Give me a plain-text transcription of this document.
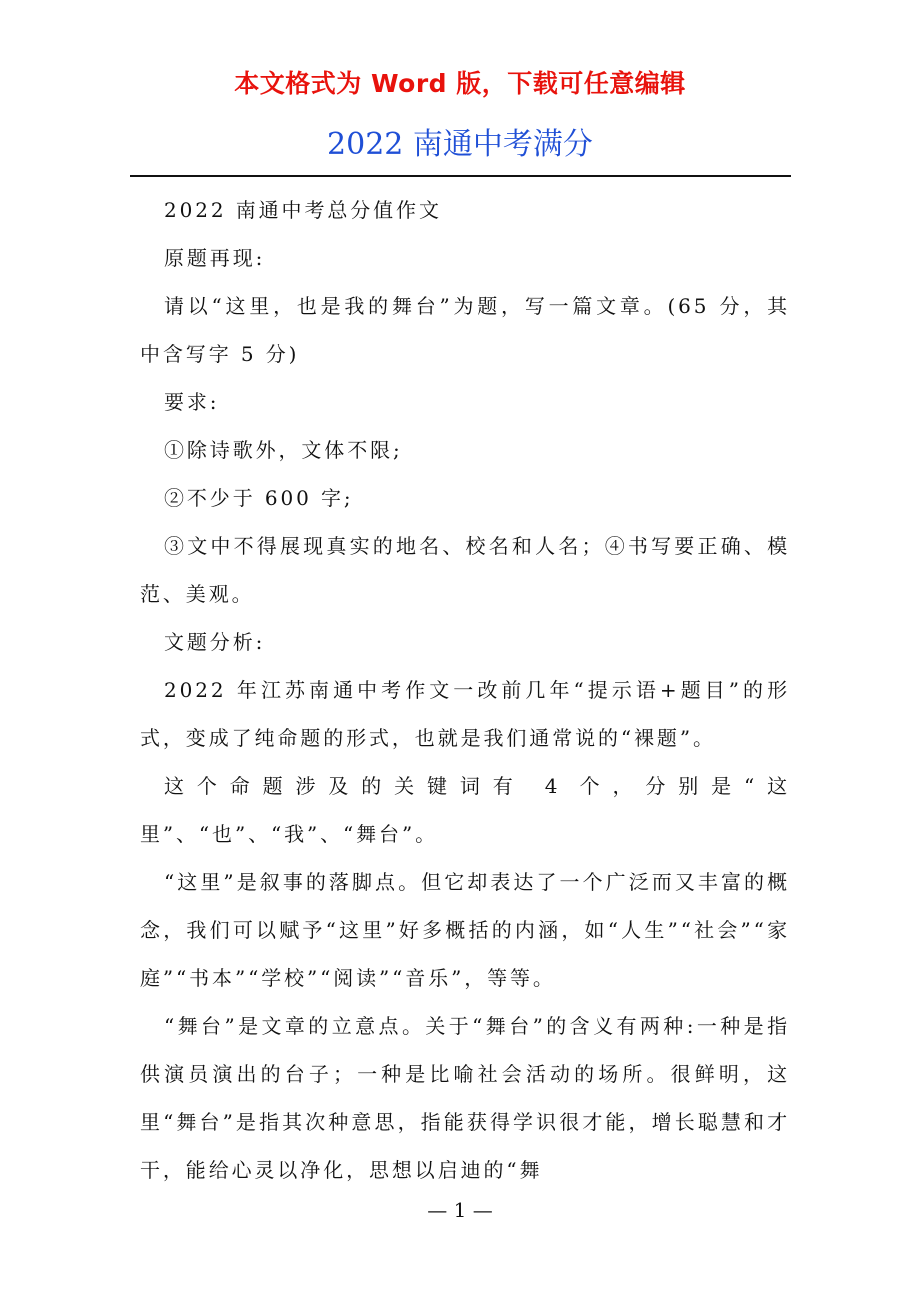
本文格式为 Word 版，下载可任意编辑
2022 南通中考满分

2022 南通中考总分值作文

原题再现:

请以“这里，也是我的舞台”为题，写一篇文章。(65 分，其中含写字 5 分)

要求:

①除诗歌外，文体不限;

②不少于 600 字;

③文中不得展现真实的地名、校名和人名；④书写要正确、模范、美观。

文题分析:

2022 年江苏南通中考作文一改前几年“提示语+题目”的形式，变成了纯命题的形式，也就是我们通常说的“裸题”。

这个命题涉及的关键词有 4 个，分别是“这里”、“也”、“我”、“舞台”。

“这里”是叙事的落脚点。但它却表达了一个广泛而又丰富的概念，我们可以赋予“这里”好多概括的内涵，如“人生”“社会”“家庭”“书本”“学校”“阅读”“音乐”，等等。

“舞台”是文章的立意点。关于“舞台”的含义有两种:一种是指供演员演出的台子；一种是比喻社会活动的场所。很鲜明，这里“舞台”是指其次种意思，指能获得学识很才能，增长聪慧和才干，能给心灵以净化，思想以启迪的“舞

— 1 —
